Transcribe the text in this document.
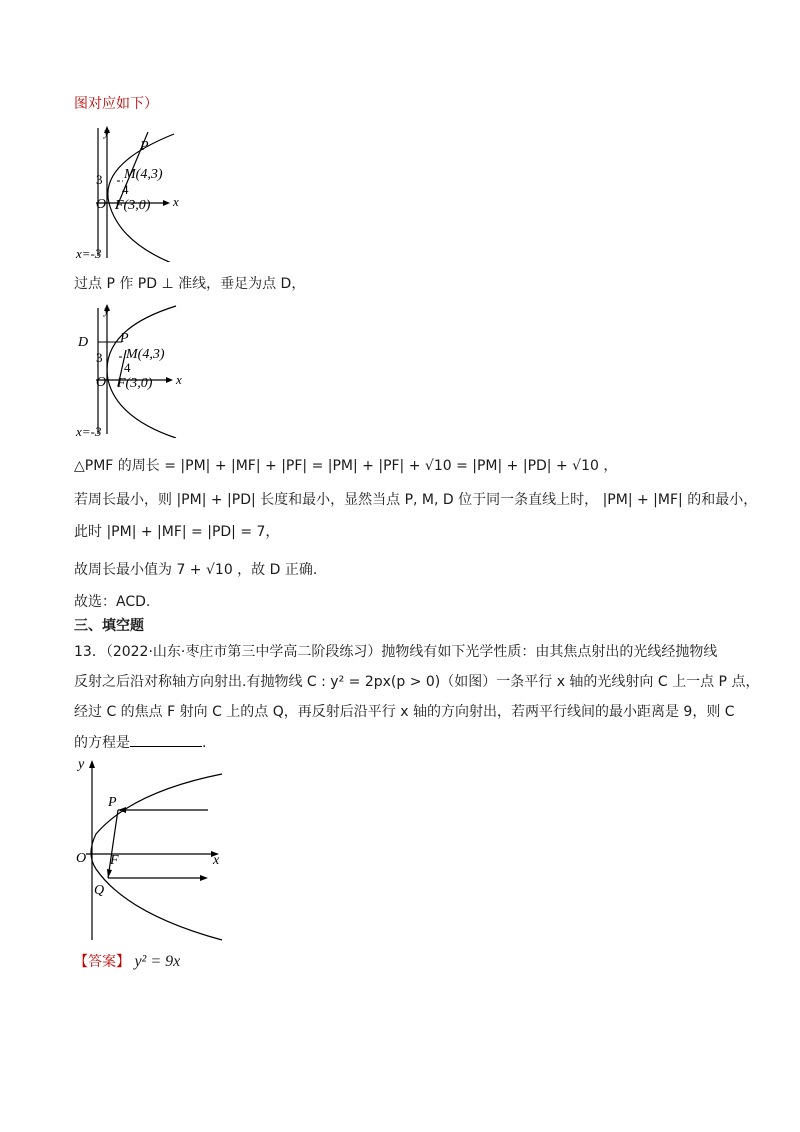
图对应如下）
y
x
P
M(4,3)
3
4
O F(3,0)
x=-3
过点 P 作 PD ⊥ 准线，垂足为点 D，
y
x
D P
M(4,3)
3
4
O F(3,0)
x=-3
△PMF 的周长 = |PM| + |MF| + |PF| = |PM| + |PF| + √10 = |PM| + |PD| + √10 ，
若周长最小，则 |PM| + |PD| 长度和最小，显然当点 P, M, D 位于同一条直线上时， |PM| + |MF| 的和最小，
此时 |PM| + |MF| = |PD| = 7，
故周长最小值为 7 + √10 ，故 D 正确.
故选：ACD.
三、填空题
13．（2022·山东·枣庄市第三中学高二阶段练习）抛物线有如下光学性质：由其焦点射出的光线经抛物线
反射之后沿对称轴方向射出.有抛物线 C : y² = 2px(p > 0)（如图）一条平行 x 轴的光线射向 C 上一点 P 点，
经过 C 的焦点 F 射向 C 上的点 Q，再反射后沿平行 x 轴的方向射出，若两平行线间的最小距离是 9，则 C
的方程是	.
y
x
O F
P
Q
【答案】 y² = 9x
